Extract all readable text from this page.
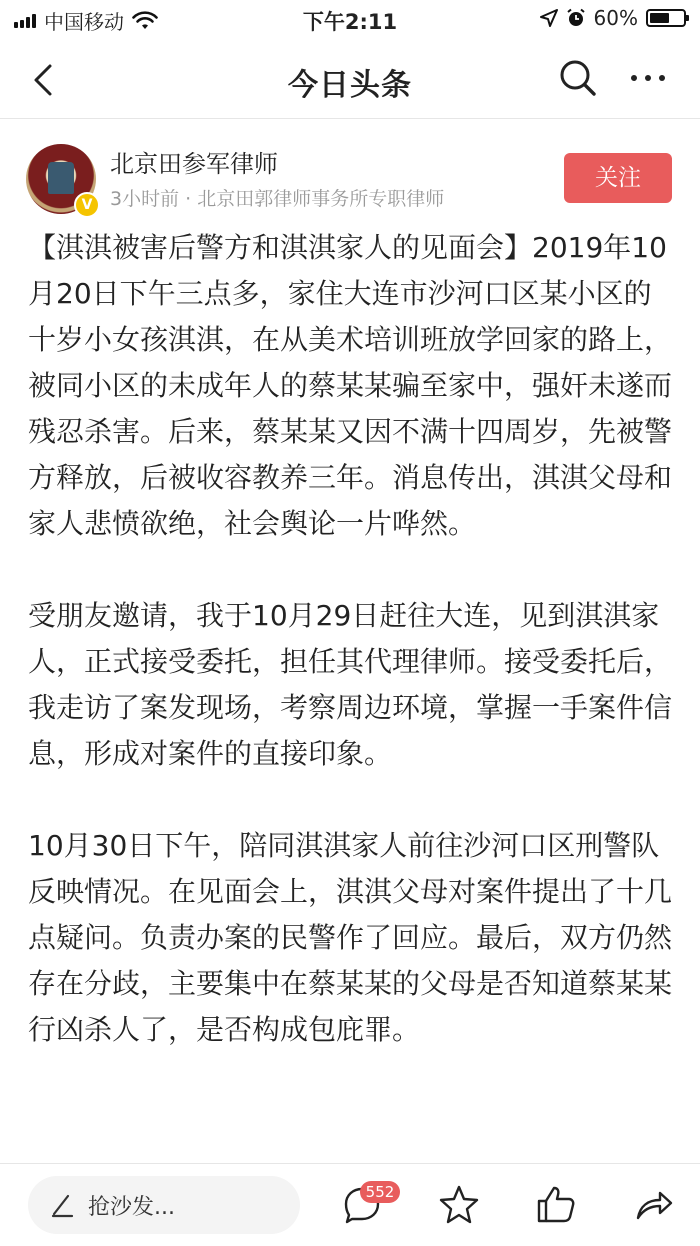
中国移动	下午2:11	60%
今日头条
V
北京田参军律师
3小时前 · 北京田郭律师事务所专职律师
关注

【淇淇被害后警方和淇淇家人的见面会】2019年10月20日下午三点多，家住大连市沙河口区某小区的十岁小女孩淇淇，在从美术培训班放学回家的路上，被同小区的未成年人的蔡某某骗至家中，强奸未遂而残忍杀害。后来，蔡某某又因不满十四周岁，先被警方释放，后被收容教养三年。消息传出，淇淇父母和家人悲愤欲绝，社会舆论一片哗然。

受朋友邀请，我于10月29日赶往大连，见到淇淇家人，正式接受委托，担任其代理律师。接受委托后，我走访了案发现场，考察周边环境，掌握一手案件信息，形成对案件的直接印象。

10月30日下午，陪同淇淇家人前往沙河口区刑警队反映情况。在见面会上，淇淇父母对案件提出了十几点疑问。负责办案的民警作了回应。最后，双方仍然存在分歧，主要集中在蔡某某的父母是否知道蔡某某行凶杀人了，是否构成包庇罪。

抢沙发...
552
